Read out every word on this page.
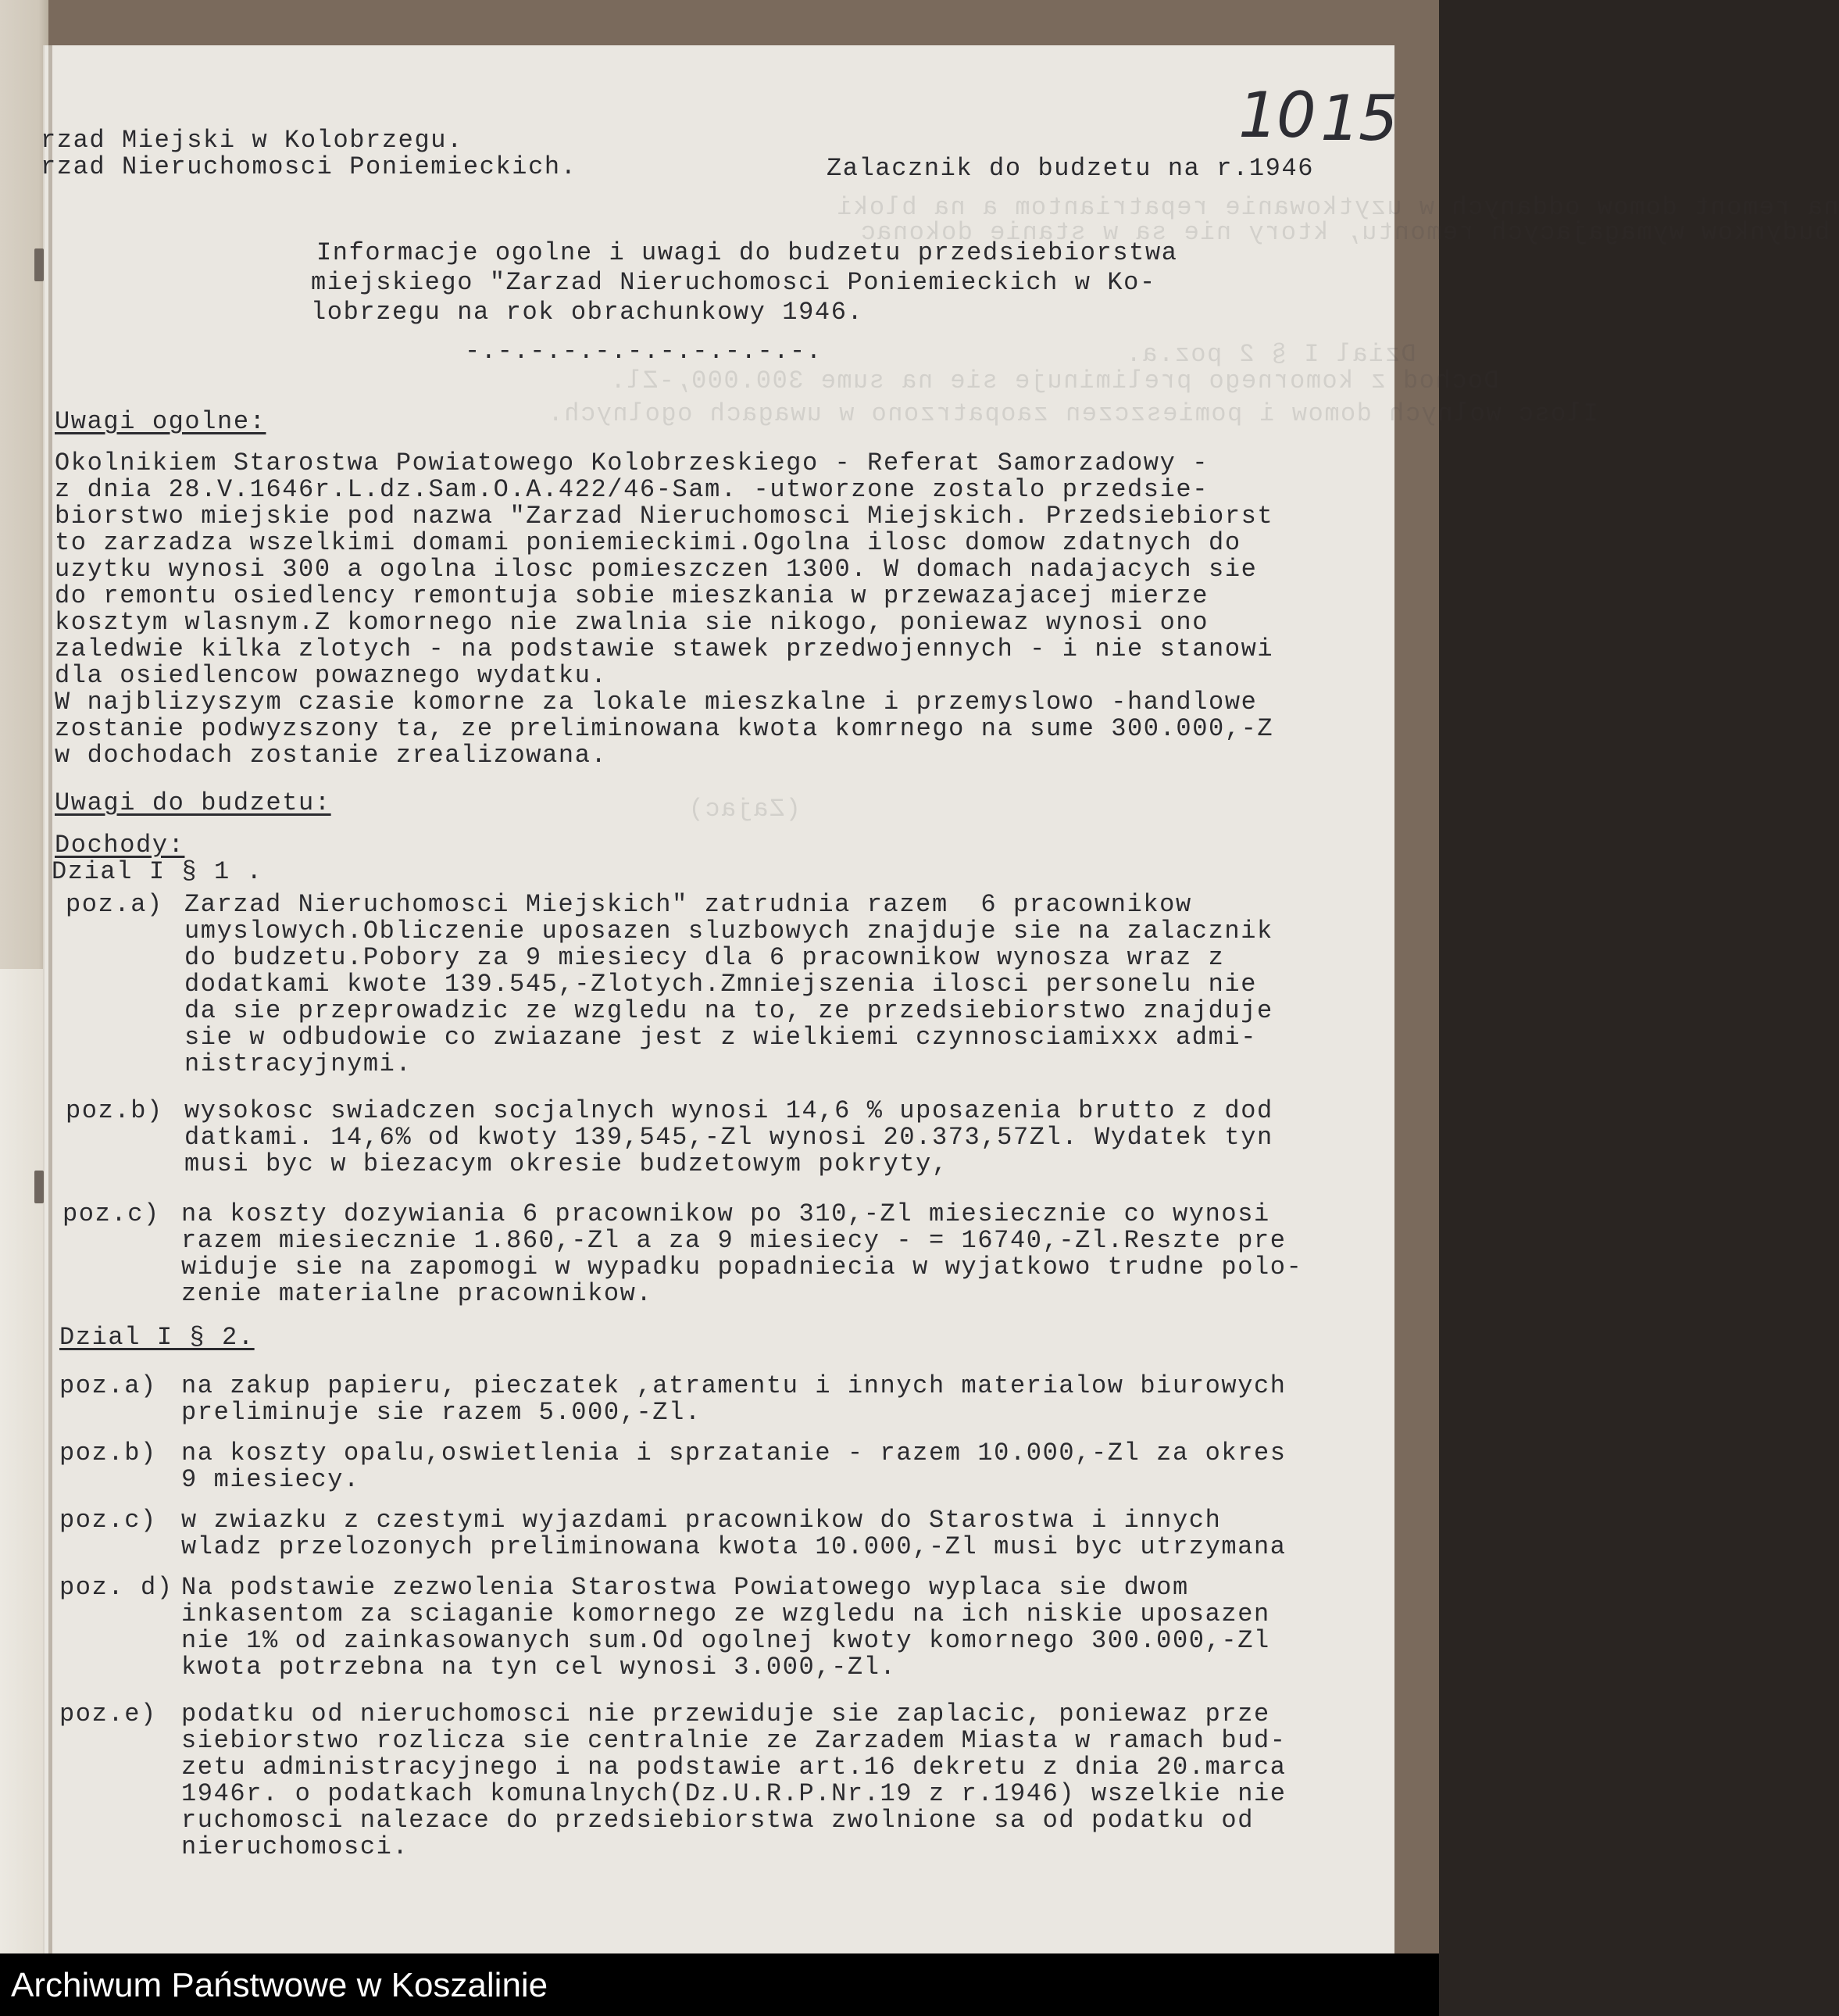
na remont domow oddanych w uzytkowanie repatriantom a na bloki
budynkow wymagajacych remontu, ktory nie sa w stanie dokonac
Dzial I § 2 poz.a.
Dochod z komornego preliminuje sie na sume 300.000,-Zl.
Ilosc wolnych domow i pomieszczen zaopatrzono w uwagach ogolnych.
(Zajac)
10 15
rzad Miejski w Kolobrzegu.
rzad Nieruchomosci Poniemieckich.	Zalacznik do budzetu na r.1946
Informacje ogolne i uwagi do budzetu przedsiebiorstwa
miejskiego "Zarzad Nieruchomosci Poniemieckich w Ko-
lobrzegu na rok obrachunkowy 1946.
-.-.-.-.-.-.-.-.-.-.-.
Uwagi ogolne:
Okolnikiem Starostwa Powiatowego Kolobrzeskiego - Referat Samorzadowy -
z dnia 28.V.1646r.L.dz.Sam.O.A.422/46-Sam. -utworzone zostalo przedsie-
biorstwo miejskie pod nazwa "Zarzad Nieruchomosci Miejskich. Przedsiebiorst
to zarzadza wszelkimi domami poniemieckimi.Ogolna ilosc domow zdatnych do
uzytku wynosi 300 a ogolna ilosc pomieszczen 1300. W domach nadajacych sie
do remontu osiedlency remontuja sobie mieszkania w przewazajacej mierze
kosztym wlasnym.Z komornego nie zwalnia sie nikogo, poniewaz wynosi ono
zaledwie kilka zlotych - na podstawie stawek przedwojennych - i nie stanowi
dla osiedlencow powaznego wydatku.
W najblizyszym czasie komorne za lokale mieszkalne i przemyslowo -handlowe
zostanie podwyzszony ta, ze preliminowana kwota komrnego na sume 300.000,-Z
w dochodach zostanie zrealizowana.
Uwagi do budzetu:
Dochody:
Dzial I § 1 .
poz.a) Zarzad Nieruchomosci Miejskich" zatrudnia razem  6 pracownikow
umyslowych.Obliczenie uposazen sluzbowych znajduje sie na zalacznik
do budzetu.Pobory za 9 miesiecy dla 6 pracownikow wynosza wraz z
dodatkami kwote 139.545,-Zlotych.Zmniejszenia ilosci personelu nie
da sie przeprowadzic ze wzgledu na to, ze przedsiebiorstwo znajduje
sie w odbudowie co zwiazane jest z wielkiemi czynnosciamixxx admi-
nistracyjnymi.
poz.b) wysokosc swiadczen socjalnych wynosi 14,6 % uposazenia brutto z dod
datkami. 14,6% od kwoty 139,545,-Zl wynosi 20.373,57Zl. Wydatek tyn
musi byc w biezacym okresie budzetowym pokryty,
poz.c) na koszty dozywiania 6 pracownikow po 310,-Zl miesiecznie co wynosi
razem miesiecznie 1.860,-Zl a za 9 miesiecy - = 16740,-Zl.Reszte pre
widuje sie na zapomogi w wypadku popadniecia w wyjatkowo trudne polo-
zenie materialne pracownikow.
Dzial I § 2.
poz.a) na zakup papieru, pieczatek ,atramentu i innych materialow biurowych
preliminuje sie razem 5.000,-Zl.
poz.b) na koszty opalu,oswietlenia i sprzatanie - razem 10.000,-Zl za okres
9 miesiecy.
poz.c) w zwiazku z czestymi wyjazdami pracownikow do Starostwa i innych
wladz przelozonych preliminowana kwota 10.000,-Zl musi byc utrzymana
poz. d) Na podstawie zezwolenia Starostwa Powiatowego wyplaca sie dwom
inkasentom za sciaganie komornego ze wzgledu na ich niskie uposazen
nie 1% od zainkasowanych sum.Od ogolnej kwoty komornego 300.000,-Zl
kwota potrzebna na tyn cel wynosi 3.000,-Zl.
poz.e) podatku od nieruchomosci nie przewiduje sie zaplacic, poniewaz prze
siebiorstwo rozlicza sie centralnie ze Zarzadem Miasta w ramach bud-
zetu administracyjnego i na podstawie art.16 dekretu z dnia 20.marca
1946r. o podatkach komunalnych(Dz.U.R.P.Nr.19 z r.1946) wszelkie nie
ruchomosci nalezace do przedsiebiorstwa zwolnione sa od podatku od
nieruchomosci.
Archiwum Państwowe w Koszalinie
